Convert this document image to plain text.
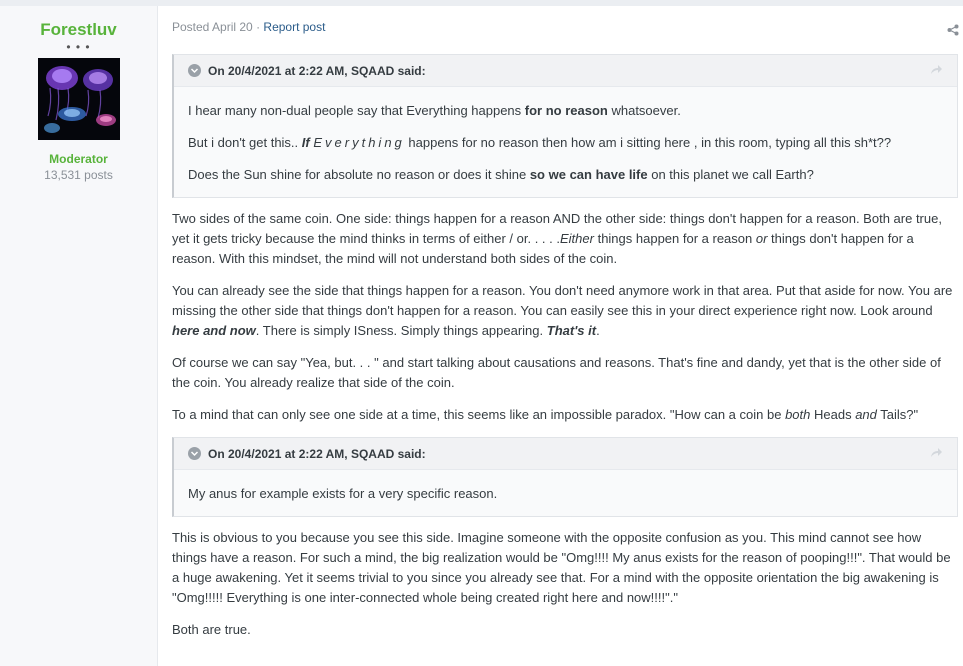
Forestluv
• • •
Moderator
13,531 posts
Posted April 20 · Report post
On 20/4/2021 at 2:22 AM, SQAAD said:

I hear many non-dual people say that Everything happens for no reason whatsoever.

But i don't get this.. If Everything happens for no reason then how am i sitting here , in this room, typing all this sh*t??

Does the Sun shine for absolute no reason or does it shine so we can have life on this planet we call Earth?

Two sides of the same coin. One side: things happen for a reason AND the other side: things don't happen for a reason. Both are true, yet it gets tricky because the mind thinks in terms of either / or. . . . .Either things happen for a reason or things don't happen for a reason. With this mindset, the mind will not understand both sides of the coin.

You can already see the side that things happen for a reason. You don't need anymore work in that area. Put that aside for now. You are missing the other side that things don't happen for a reason. You can easily see this in your direct experience right now. Look around here and now. There is simply ISness. Simply things appearing. That's it.

Of course we can say "Yea, but. . . " and start talking about causations and reasons. That's fine and dandy, yet that is the other side of the coin. You already realize that side of the coin.

To a mind that can only see one side at a time, this seems like an impossible paradox. "How can a coin be both Heads and Tails?"

On 20/4/2021 at 2:22 AM, SQAAD said:

My anus for example exists for a very specific reason.

This is obvious to you because you see this side. Imagine someone with the opposite confusion as you. This mind cannot see how things have a reason. For such a mind, the big realization would be "Omg!!!! My anus exists for the reason of pooping!!!". That would be a huge awakening. Yet it seems trivial to you since you already see that. For a mind with the opposite orientation the big awakening is "Omg!!!!! Everything is one inter-connected whole being created right here and now!!!!"."

Both are true.
